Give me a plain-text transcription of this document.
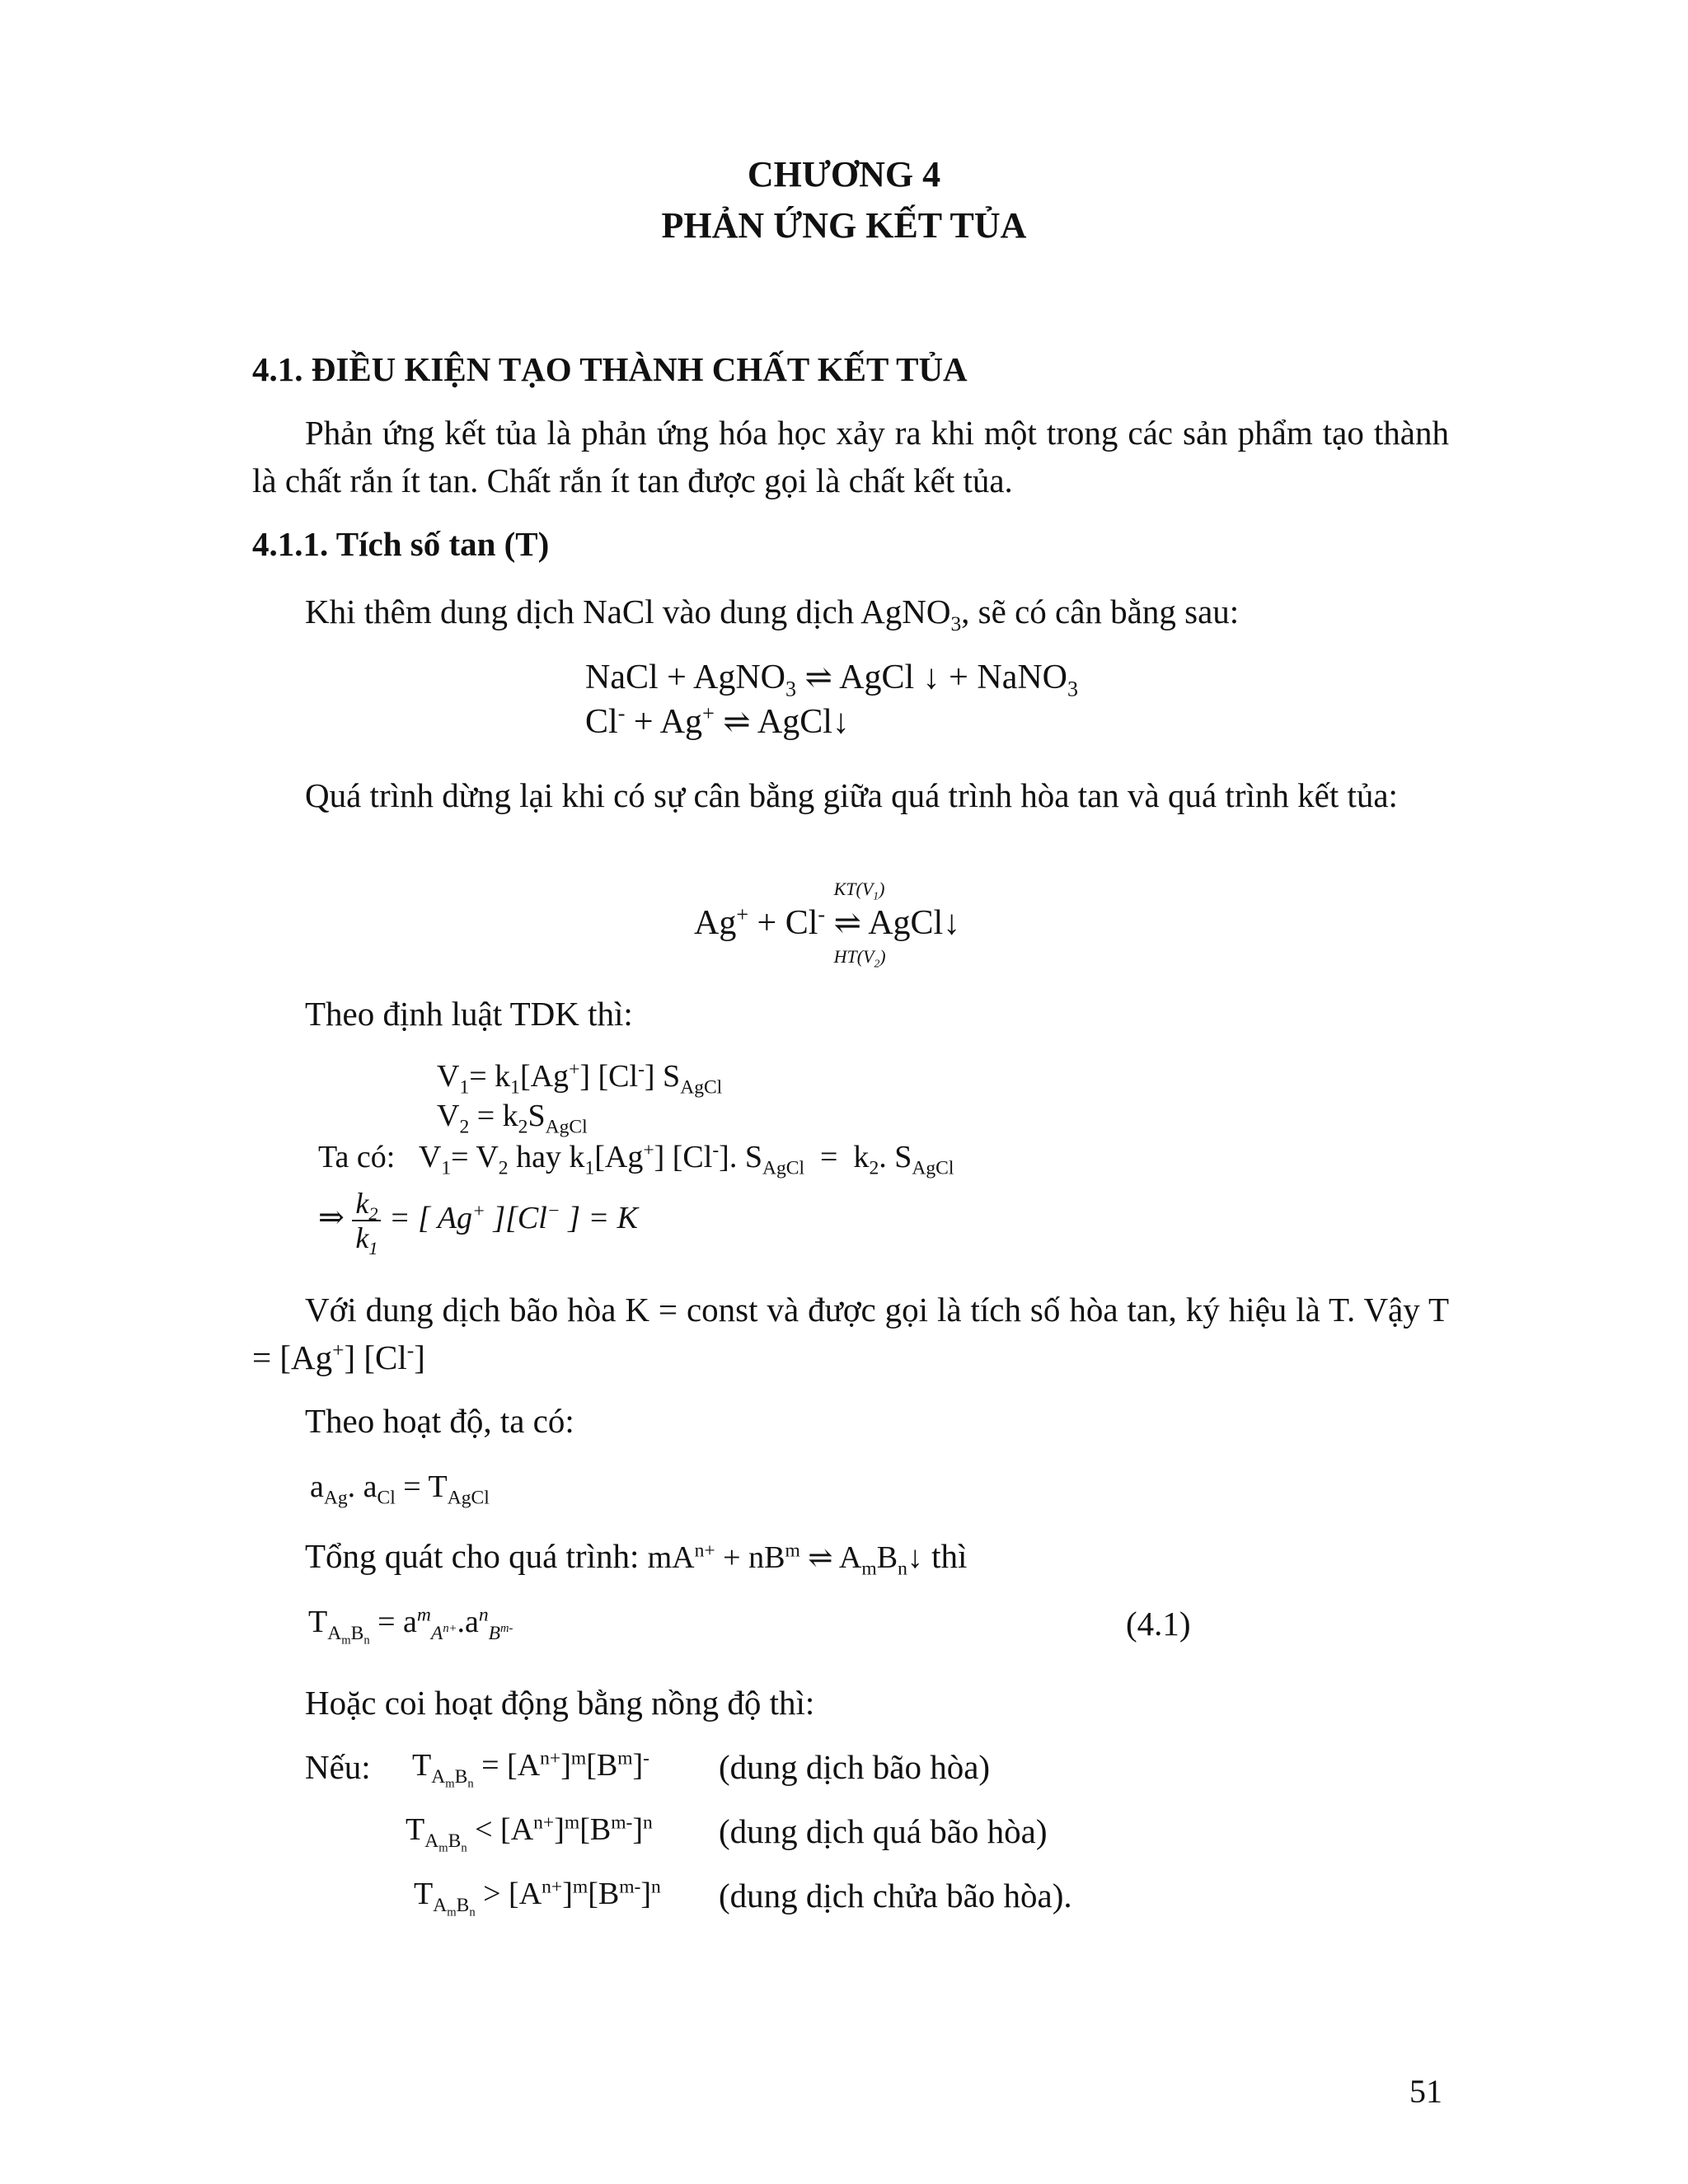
CHƯƠNG 4
PHẢN ỨNG KẾT TỦA
4.1. ĐIỀU KIỆN TẠO THÀNH CHẤT KẾT TỦA
Phản ứng kết tủa là phản ứng hóa học xảy ra khi một trong các sản phẩm tạo thành là chất rắn ít tan. Chất rắn ít tan được gọi là chất kết tủa.
4.1.1. Tích số tan (T)
Khi thêm dung dịch NaCl vào dung dịch AgNO$_3$, sẽ có cân bằng sau:
NaCl + AgNO$_3$ ⇌ AgCl ↓ + NaNO$_3$
Cl- + Ag+ ⇌ AgCl↓
Quá trình dừng lại khi có sự cân bằng giữa quá trình hòa tan và quá trình kết tủa:
Ag+ + Cl-
$KT(V_1)$
⇌
$HT(V_2)$
AgCl↓
Theo định luật TDK thì:
$V_1= k_1[Ag^+]$ [Cl-] $S_{AgCl}$
$V_2 = k_2S_{AgCl}$
Ta có:   $V_1= V_2$ hay $k_1[Ag^+]$ [Cl-]. $S_{AgCl} = k_2$. $S_{AgCl}$
⇒ $\frac{k_2}{k_1}$ = [ Ag+ ][Cl− ] = K
Với dung dịch bão hòa K = const và được gọi là tích số hòa tan, ký hiệu là T. Vậy T = [Ag+] [Cl-]
Theo hoạt độ, ta có:
$a_{Ag}$. $a_{Cl} = T_{AgCl}$
Tổng quát cho quá trình: $mA^{n+} + nB^m$ ⇌ $A_mB_n↓$ thì
$T_{A_mB_n} = a^m_{A^{n+}}.a^n_{B^{m-}}$	(4.1)
Hoặc coi hoạt động bằng nồng độ thì:
Nếu: $T_{A_mB_n} = [A^{n+}]^m[B^m]^-$ (dung dịch bão hòa)
$T_{A_mB_n} < [A^{n+}]^m[B^{m-}]^n$ (dung dịch quá bão hòa)
$T_{A_mB_n} > [A^{n+}]^m[B^{m-}]^n$ (dung dịch chửa bão hòa).
51
